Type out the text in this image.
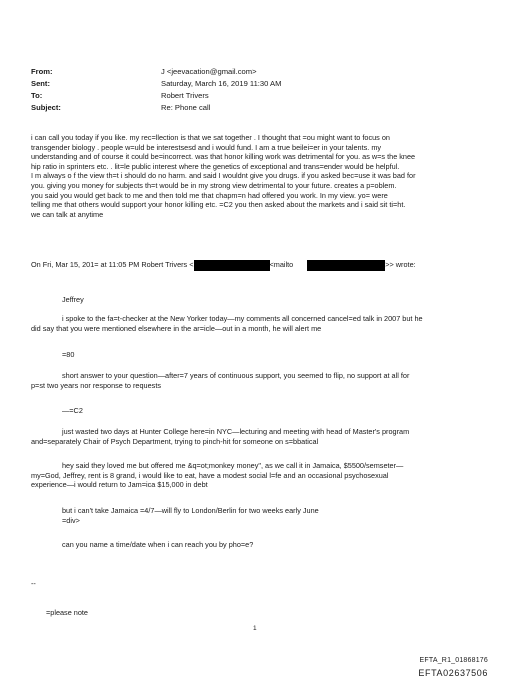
From:	J <jeevacation@gmail.com>
Sent:	Saturday, March 16, 2019 11:30 AM
To:	Robert Trivers
Subject:	Re: Phone call
i can call you today if you like. my rec=llection is that we sat together . I thought that =ou might want to focus on
transgender biology . people w=uld be interestsesd and i would fund. I am a true beilei=er in your talents. my
understanding and of course it could be=incorrect. was that honor killing work was detrimental for you. as w=s the knee
hip ratio in sprinters etc. . lit=le public interest where the genetics of exceptional and trans=ender would be helpful.
I m always o f the view th=t i should do no harm. and said I wouldnt give you drugs. if you asked bec=use it was bad for
you. giving you money for subjects th=t would be in my strong view detrimental to your future. creates a p=oblem.
you said you would get back to me and then told me that chapm=n had offered you work. In my view. yo= were
telling me that others would support your honor killing etc. =C2 you then asked about the markets and i said sit ti=ht.
we can talk at anytime
On Fri, Mar 15, 201= at 11:05 PM Robert Trivers <	<mailto	>> wrote:
Jeffrey
i spoke to the fa=t-checker at the New Yorker today—my comments all concerned cancel=ed talk in 2007 but he
did say that you were mentioned elsewhere in the ar=icle—out in a month, he will alert me
=80
short answer to your question—after=7 years of continuous support, you seemed to flip, no support at all for
p=st two years nor response to requests
—=C2
just wasted two days at Hunter College here=in NYC—lecturing and meeting with head of Master's program
and=separately Chair of Psych Department, trying to pinch-hit for someone on s=bbatical
hey said they loved me but offered me &q=ot;monkey money", as we call it in Jamaica, $5500/semseter—
my=God, Jeffrey, rent is 8 grand, i would like to eat, have a modest social l=fe and an occasional psychosexual
experience—i would return to Jam=ica $15,000 in debt
but i can't take Jamaica =4/7—will fly to London/Berlin for two weeks early June
=div>
can you name a time/date when i can reach you by pho=e?
--
=please note
1
EFTA_R1_01868176
EFTA02637506
